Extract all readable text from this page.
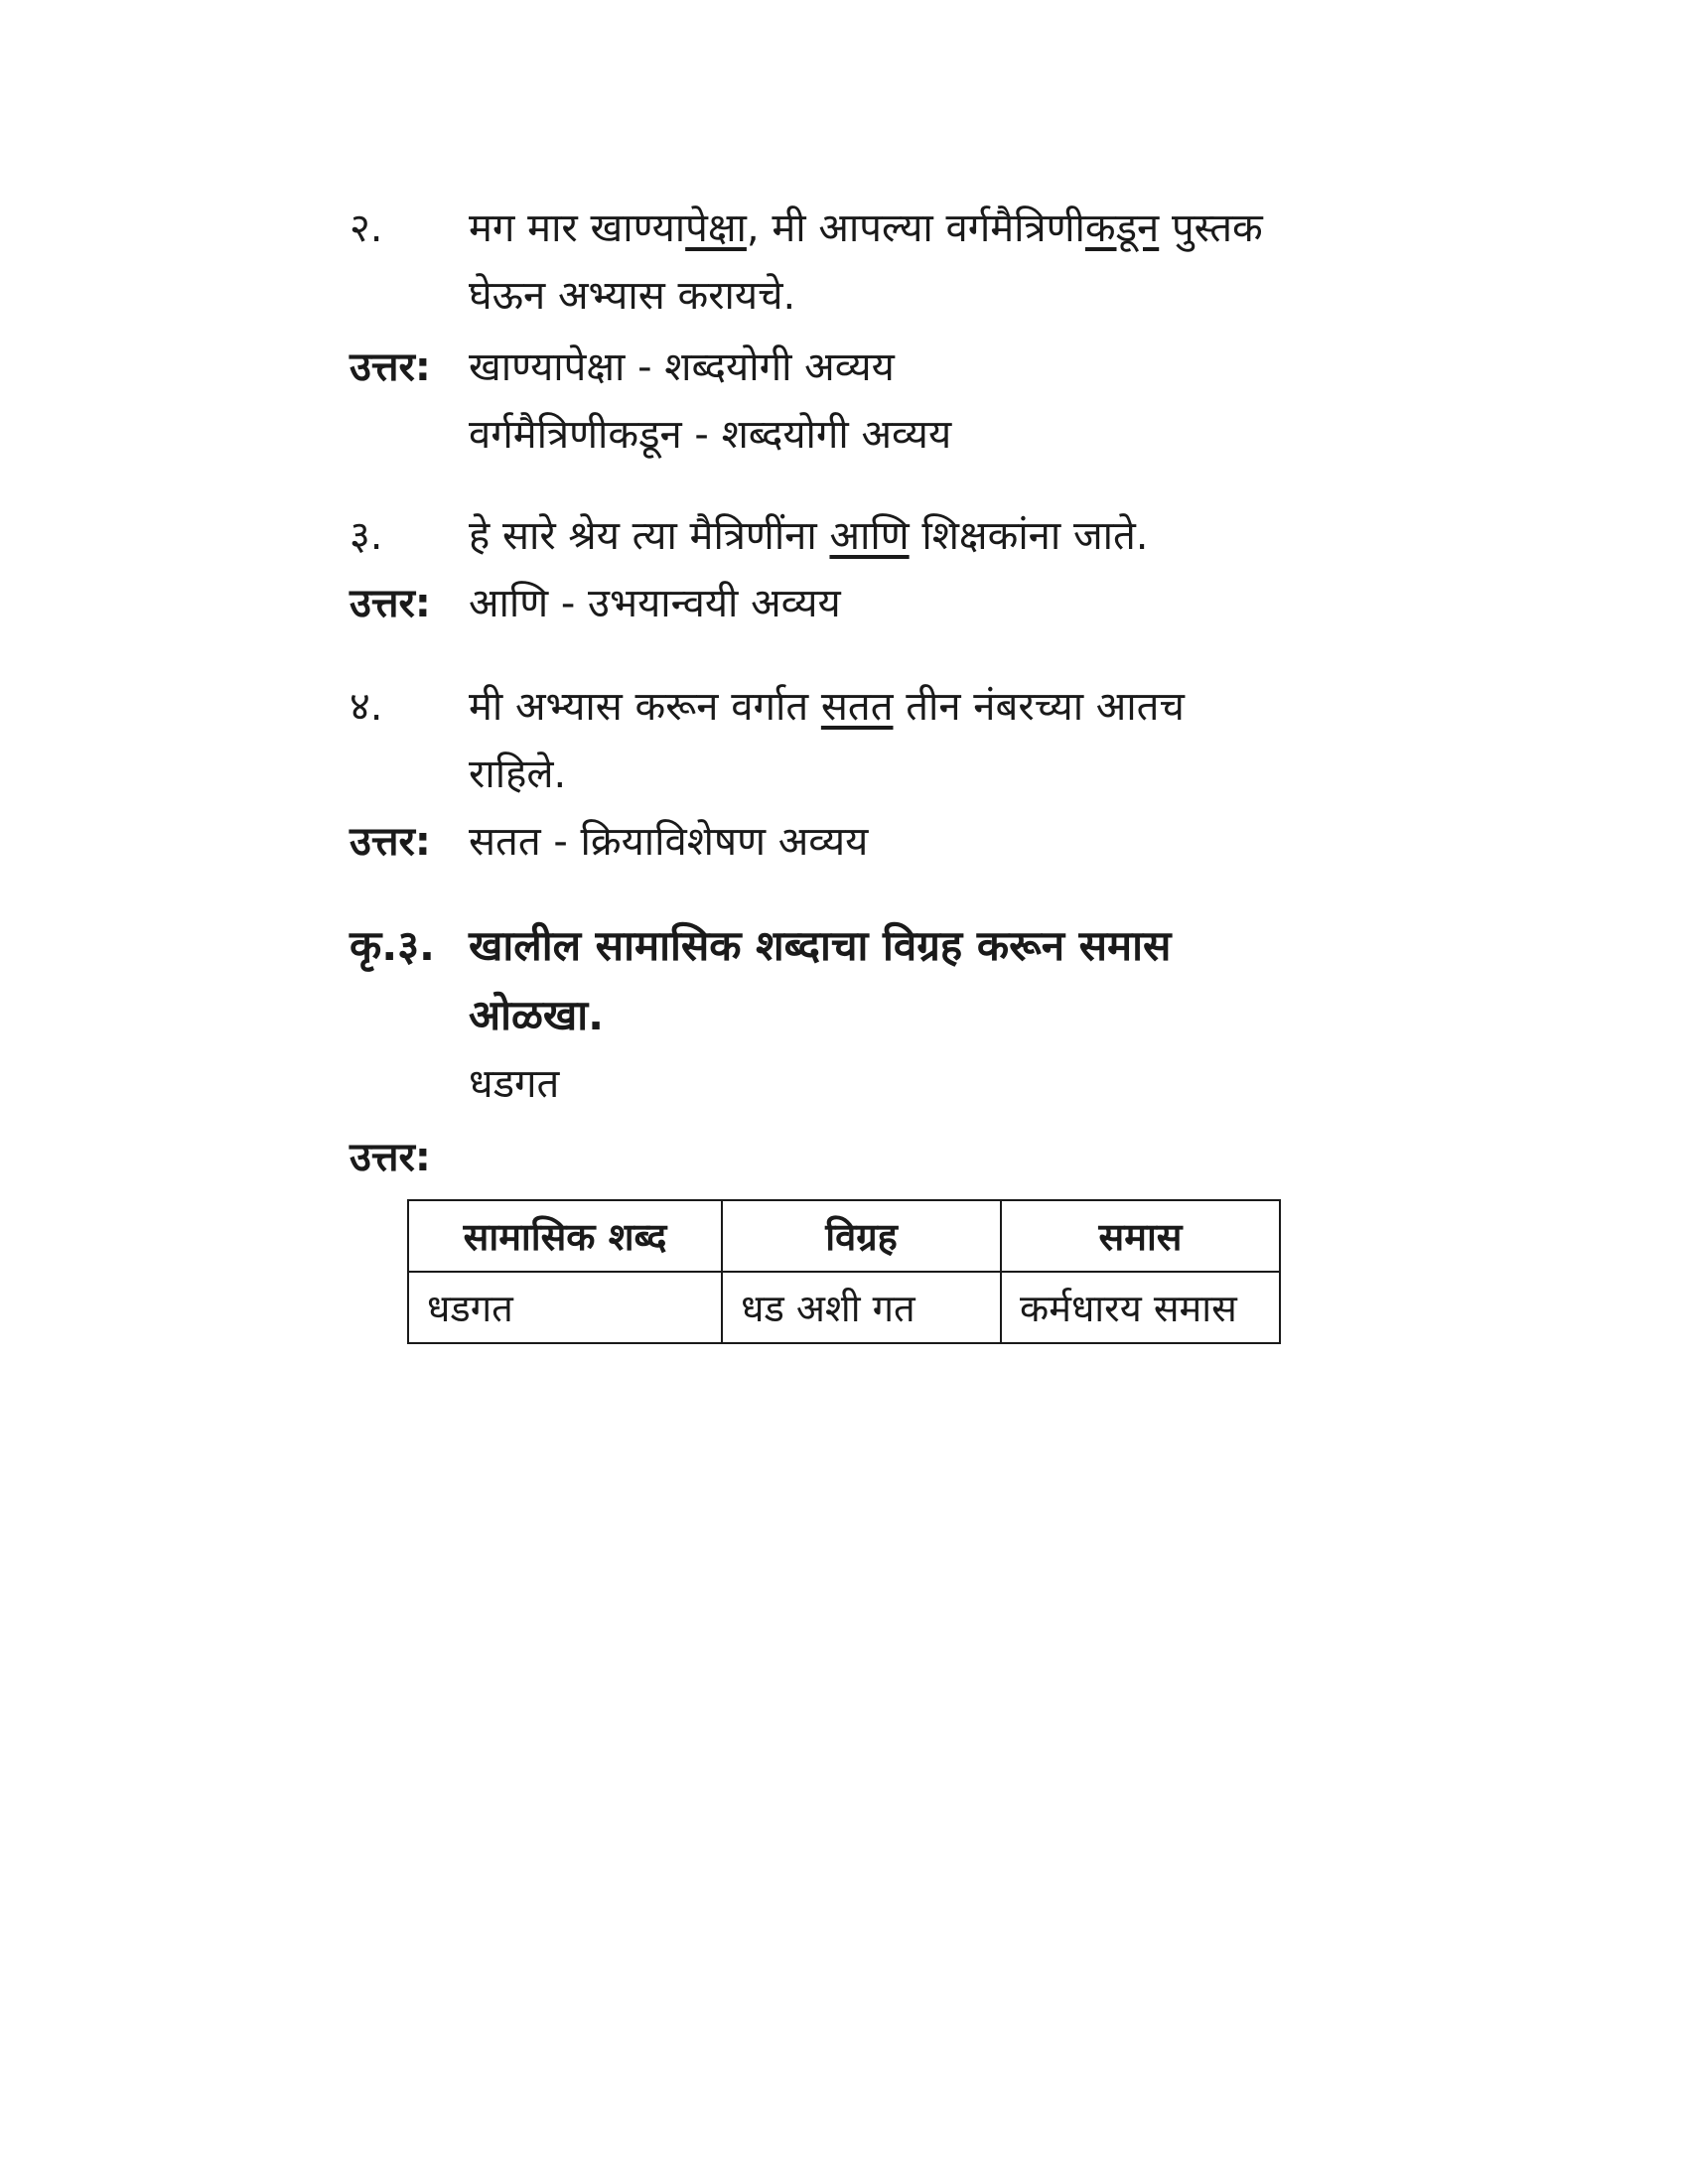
२.	मग मार खाण्यापेक्षा, मी आपल्या वर्गमैत्रिणीकडून पुस्तक
घेऊन अभ्यास करायचे.
उत्तर: खाण्यापेक्षा - शब्दयोगी अव्यय
वर्गमैत्रिणीकडून - शब्दयोगी अव्यय
३.	हे सारे श्रेय त्या मैत्रिणींना आणि शिक्षकांना जाते.
उत्तर: आणि - उभयान्वयी अव्यय
४.	मी अभ्यास करून वर्गात सतत तीन नंबरच्या आतच
राहिले.
उत्तर: सतत - क्रियाविशेषण अव्यय
कृ.३. खालील सामासिक शब्दाचा विग्रह करून समास
ओळखा.
धडगत
उत्तर:
सामासिक शब्द	विग्रह	समास
धडगत	धड अशी गत	कर्मधारय समास
